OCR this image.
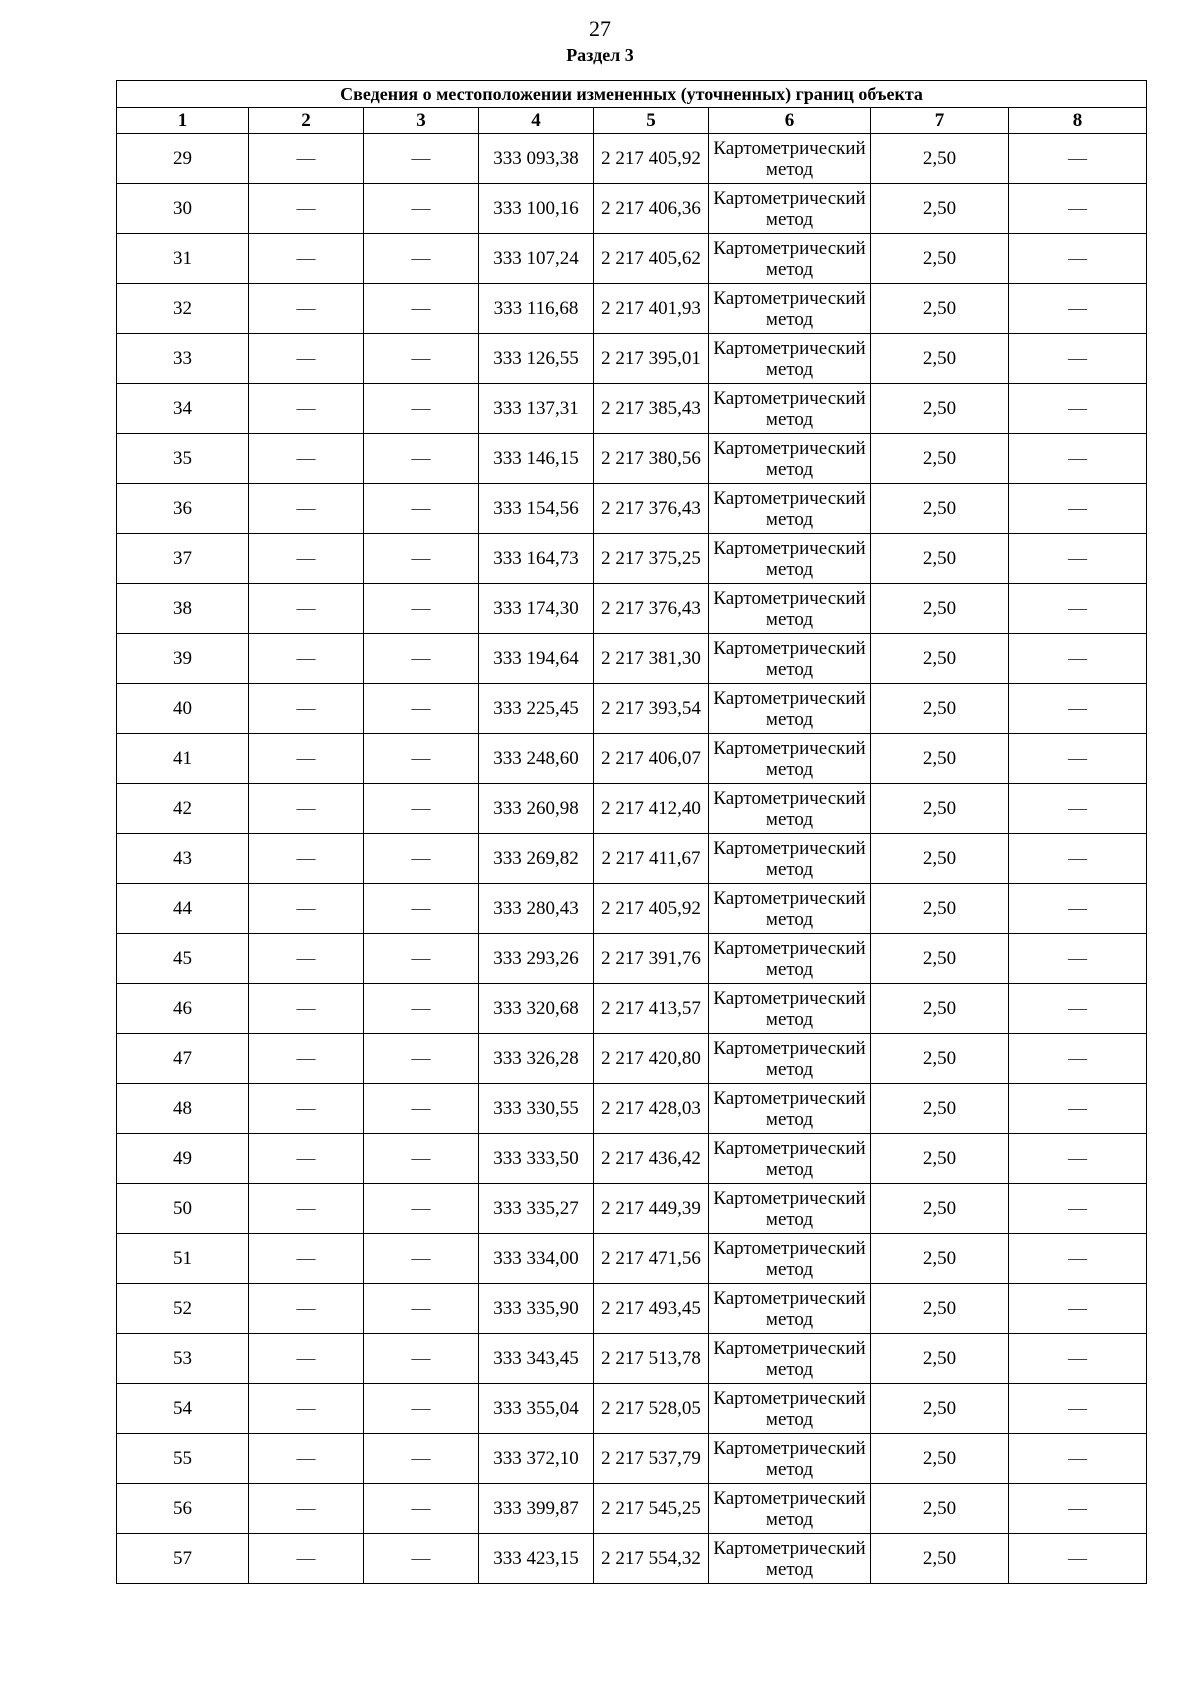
27
Раздел 3
Сведения о местоположении измененных (уточненных) границ объекта							
1	2	3	4	5	6	7	8
29	—	—	333 093,38	2 217 405,92	Картометрический метод	2,50	—
30	—	—	333 100,16	2 217 406,36	Картометрический метод	2,50	—
31	—	—	333 107,24	2 217 405,62	Картометрический метод	2,50	—
32	—	—	333 116,68	2 217 401,93	Картометрический метод	2,50	—
33	—	—	333 126,55	2 217 395,01	Картометрический метод	2,50	—
34	—	—	333 137,31	2 217 385,43	Картометрический метод	2,50	—
35	—	—	333 146,15	2 217 380,56	Картометрический метод	2,50	—
36	—	—	333 154,56	2 217 376,43	Картометрический метод	2,50	—
37	—	—	333 164,73	2 217 375,25	Картометрический метод	2,50	—
38	—	—	333 174,30	2 217 376,43	Картометрический метод	2,50	—
39	—	—	333 194,64	2 217 381,30	Картометрический метод	2,50	—
40	—	—	333 225,45	2 217 393,54	Картометрический метод	2,50	—
41	—	—	333 248,60	2 217 406,07	Картометрический метод	2,50	—
42	—	—	333 260,98	2 217 412,40	Картометрический метод	2,50	—
43	—	—	333 269,82	2 217 411,67	Картометрический метод	2,50	—
44	—	—	333 280,43	2 217 405,92	Картометрический метод	2,50	—
45	—	—	333 293,26	2 217 391,76	Картометрический метод	2,50	—
46	—	—	333 320,68	2 217 413,57	Картометрический метод	2,50	—
47	—	—	333 326,28	2 217 420,80	Картометрический метод	2,50	—
48	—	—	333 330,55	2 217 428,03	Картометрический метод	2,50	—
49	—	—	333 333,50	2 217 436,42	Картометрический метод	2,50	—
50	—	—	333 335,27	2 217 449,39	Картометрический метод	2,50	—
51	—	—	333 334,00	2 217 471,56	Картометрический метод	2,50	—
52	—	—	333 335,90	2 217 493,45	Картометрический метод	2,50	—
53	—	—	333 343,45	2 217 513,78	Картометрический метод	2,50	—
54	—	—	333 355,04	2 217 528,05	Картометрический метод	2,50	—
55	—	—	333 372,10	2 217 537,79	Картометрический метод	2,50	—
56	—	—	333 399,87	2 217 545,25	Картометрический метод	2,50	—
57	—	—	333 423,15	2 217 554,32	Картометрический метод	2,50	—
